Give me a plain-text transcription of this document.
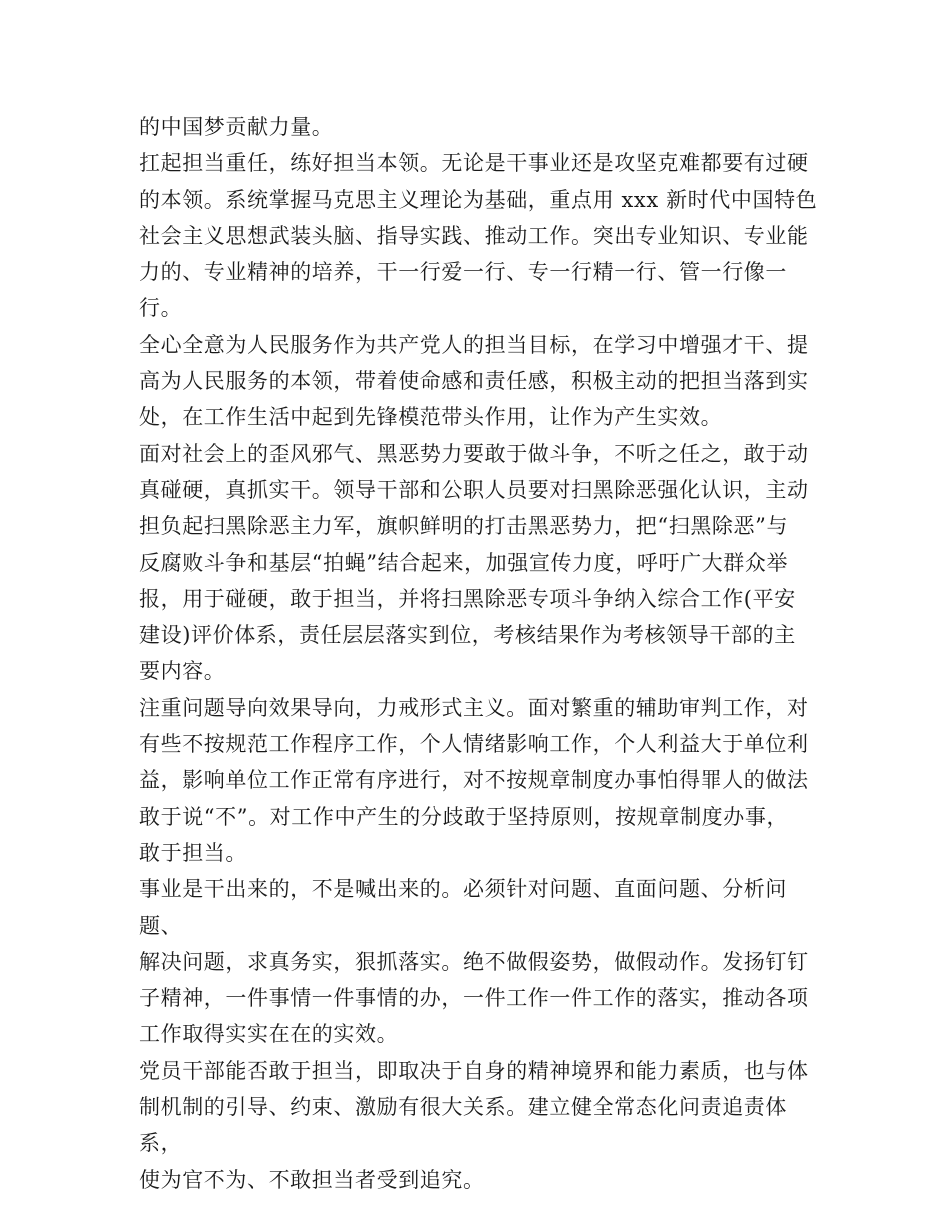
的中国梦贡献力量。

扛起担当重任，练好担当本领。无论是干事业还是攻坚克难都要有过硬
的本领。系统掌握马克思主义理论为基础，重点用 xxx 新时代中国特色
社会主义思想武装头脑、指导实践、推动工作。突出专业知识、专业能
力的、专业精神的培养，干一行爱一行、专一行精一行、管一行像一行。

全心全意为人民服务作为共产党人的担当目标，在学习中增强才干、提
高为人民服务的本领，带着使命感和责任感，积极主动的把担当落到实
处，在工作生活中起到先锋模范带头作用，让作为产生实效。

面对社会上的歪风邪气、黑恶势力要敢于做斗争，不听之任之，敢于动
真碰硬，真抓实干。领导干部和公职人员要对扫黑除恶强化认识，主动
担负起扫黑除恶主力军，旗帜鲜明的打击黑恶势力，把“扫黑除恶”与
反腐败斗争和基层“拍蝇”结合起来，加强宣传力度，呼吁广大群众举
报，用于碰硬，敢于担当，并将扫黑除恶专项斗争纳入综合工作(平安
建设)评价体系，责任层层落实到位，考核结果作为考核领导干部的主
要内容。

注重问题导向效果导向，力戒形式主义。面对繁重的辅助审判工作，对
有些不按规范工作程序工作，个人情绪影响工作，个人利益大于单位利
益，影响单位工作正常有序进行，对不按规章制度办事怕得罪人的做法
敢于说“不”。对工作中产生的分歧敢于坚持原则，按规章制度办事，
敢于担当。

事业是干出来的，不是喊出来的。必须针对问题、直面问题、分析问题、
解决问题，求真务实，狠抓落实。绝不做假姿势，做假动作。发扬钉钉
子精神，一件事情一件事情的办，一件工作一件工作的落实，推动各项
工作取得实实在在的实效。

党员干部能否敢于担当，即取决于自身的精神境界和能力素质，也与体
制机制的引导、约束、激励有很大关系。建立健全常态化问责追责体系，
使为官不为、不敢担当者受到追究。
